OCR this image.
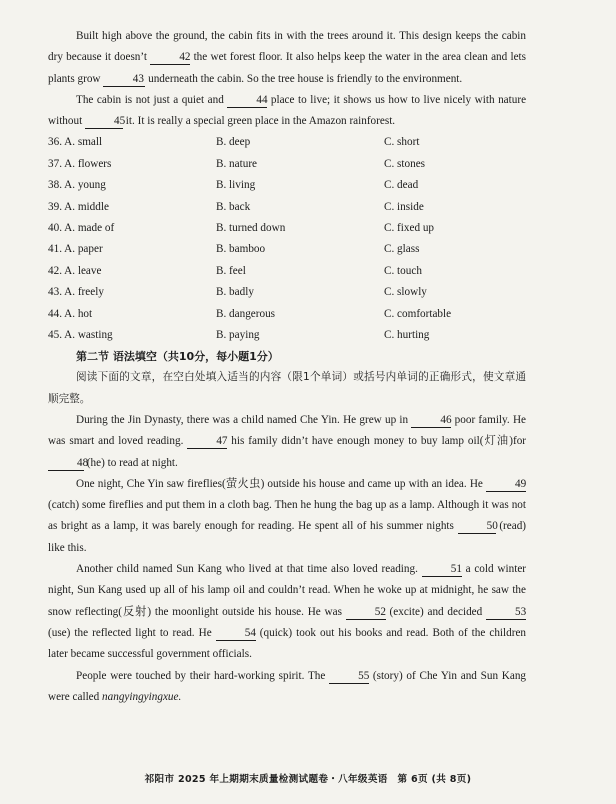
Built high above the ground, the cabin fits in with the trees around it. This design keeps the cabin dry because it doesn’t	42 the wet forest floor. It also helps keep the water in the area clean and lets plants grow	43 underneath the cabin. So the tree house is friendly to the environment.

The cabin is not just a quiet and	44 place to live; it shows us how to live nicely with nature without	45 it. It is really a special green place in the Amazon rainforest.

36. A. small	B. deep	C. short
37. A. flowers	B. nature	C. stones
38. A. young	B. living	C. dead
39. A. middle	B. back	C. inside
40. A. made of	B. turned down	C. fixed up
41. A. paper	B. bamboo	C. glass
42. A. leave	B. feel	C. touch
43. A. freely	B. badly	C. slowly
44. A. hot	B. dangerous	C. comfortable
45. A. wasting	B. paying	C. hurting
第二节 语法填空（共10分，每小题1分）

阅读下面的文章，在空白处填入适当的内容（限1个单词）或括号内单词的正确形式，使文章通顺完整。

During the Jin Dynasty, there was a child named Che Yin. He grew up in	46 poor family. He was smart and loved reading.	47 his family didn’t have enough money to buy lamp oil(灯油)for 48 (he) to read at night.

One night, Che Yin saw fireflies(萤火虫) outside his house and came up with an idea. He	49 (catch) some fireflies and put them in a cloth bag. Then he hung the bag up as a lamp. Although it was not as bright as a lamp, it was barely enough for reading. He spent all of his summer nights	50 (read) like this.

Another child named Sun Kang who lived at that time also loved reading.	51 a cold winter night, Sun Kang used up all of his lamp oil and couldn’t read. When he woke up at midnight, he saw the snow reflecting(反射) the moonlight outside his house. He was	52 (excite) and decided	53 (use) the reflected light to read. He	54 (quick) took out his books and read. Both of the children later became successful government officials.

People were touched by their hard-working spirit. The	55 (story) of Che Yin and Sun Kang were called nangyingyingxue.

祁阳市 2025 年上期期末质量检测试题卷・八年级英语　第 6页 (共 8页)
